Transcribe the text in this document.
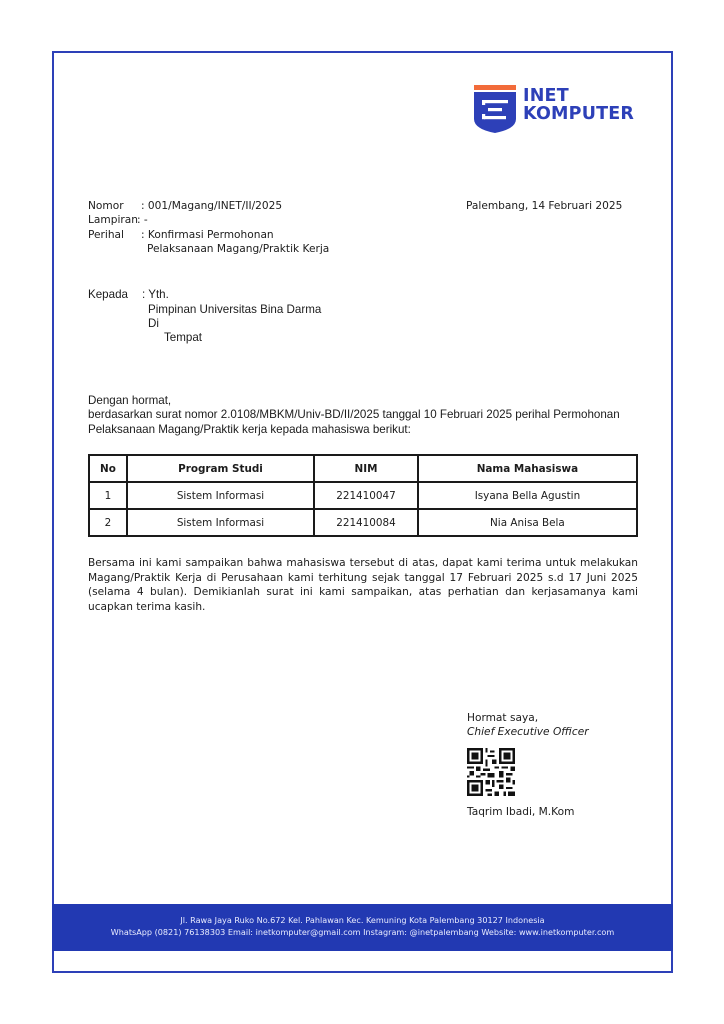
INET
KOMPUTER
Nomor : 001/Magang/INET/II/2025
Lampiran : -
Perihal : Konfirmasi Permohonan
Pelaksanaan Magang/Praktik Kerja
Palembang, 14 Februari 2025
Kepada : Yth.
Pimpinan Universitas Bina Darma
Di
Tempat
Dengan hormat,
berdasarkan surat nomor 2.0108/MBKM/Univ-BD/II/2025 tanggal 10 Februari 2025 perihal Permohonan
Pelaksanaan Magang/Praktik kerja kepada mahasiswa berikut:
No	Program Studi	NIM	Nama Mahasiswa
1	Sistem Informasi	221410047	Isyana Bella Agustin
2	Sistem Informasi	221410084	Nia Anisa Bela
Bersama ini kami sampaikan bahwa mahasiswa tersebut di atas, dapat kami terima untuk melakukan Magang/Praktik Kerja di Perusahaan kami terhitung sejak tanggal 17 Februari 2025 s.d 17 Juni 2025 (selama 4 bulan). Demikianlah surat ini kami sampaikan, atas perhatian dan kerjasamanya kami ucapkan terima kasih.
Hormat saya,
Chief Executive Officer
Taqrim Ibadi, M.Kom
Jl. Rawa Jaya Ruko No.672 Kel. Pahlawan Kec. Kemuning Kota Palembang 30127 Indonesia
WhatsApp (0821) 76138303 Email: inetkomputer@gmail.com Instagram: @inetpalembang Website: www.inetkomputer.com
